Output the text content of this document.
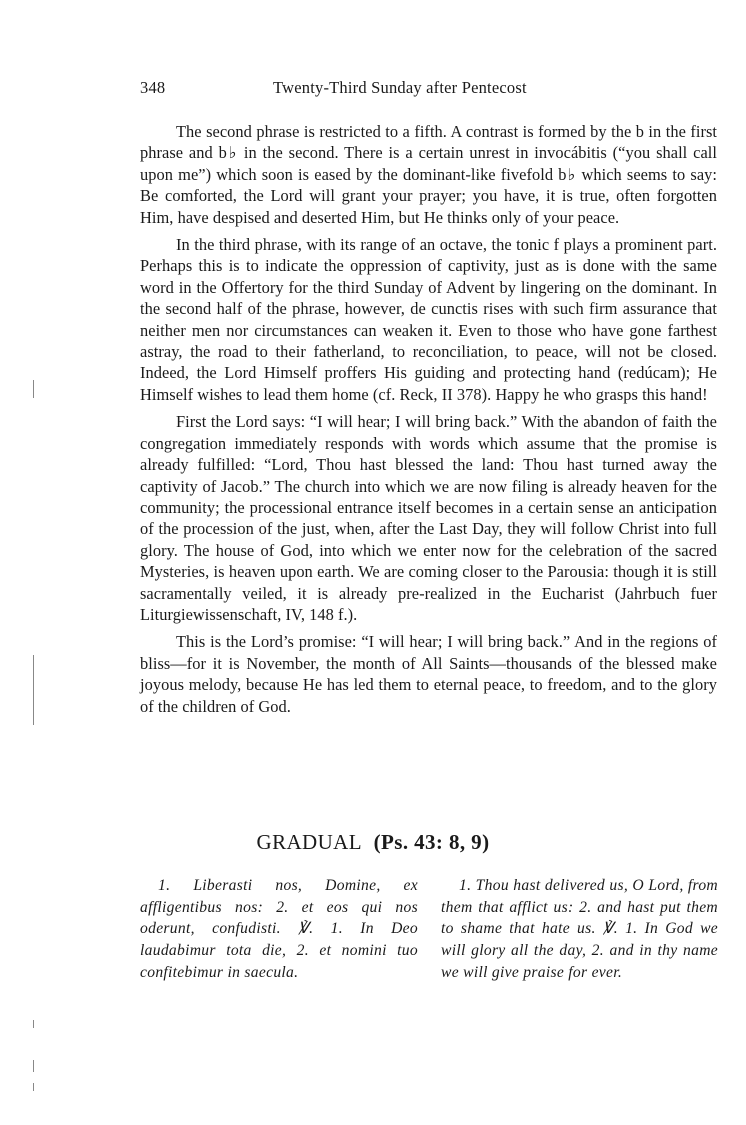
348	Twenty-Third Sunday after Pentecost

The second phrase is restricted to a fifth. A contrast is formed by the b in the first phrase and b♭ in the second. There is a certain unrest in invocábitis (“you shall call upon me”) which soon is eased by the dominant-like fivefold b♭ which seems to say: Be comforted, the Lord will grant your prayer; you have, it is true, often forgotten Him, have despised and deserted Him, but He thinks only of your peace.

In the third phrase, with its range of an octave, the tonic f plays a prominent part. Perhaps this is to indicate the oppression of captivity, just as is done with the same word in the Offertory for the third Sunday of Advent by lingering on the dominant. In the second half of the phrase, however, de cunctis rises with such firm assurance that neither men nor circumstances can weaken it. Even to those who have gone farthest astray, the road to their fatherland, to reconciliation, to peace, will not be closed. Indeed, the Lord Himself proffers His guiding and protecting hand (redúcam); He Himself wishes to lead them home (cf. Reck, II 378). Happy he who grasps this hand!

First the Lord says: “I will hear; I will bring back.” With the abandon of faith the congregation immediately responds with words which assume that the promise is already fulfilled: “Lord, Thou hast blessed the land: Thou hast turned away the captivity of Jacob.” The church into which we are now filing is already heaven for the community; the processional entrance itself becomes in a certain sense an anticipation of the procession of the just, when, after the Last Day, they will follow Christ into full glory. The house of God, into which we enter now for the celebration of the sacred Mysteries, is heaven upon earth. We are coming closer to the Parousia: though it is still sacramentally veiled, it is already pre-realized in the Eucharist (Jahrbuch fuer Liturgiewissenschaft, IV, 148 f.).

This is the Lord’s promise: “I will hear; I will bring back.” And in the regions of bliss—for it is November, the month of All Saints—thousands of the blessed make joyous melody, because He has led them to eternal peace, to freedom, and to the glory of the children of God.

GRADUAL (Ps. 43: 8, 9)

1. Liberasti nos, Domine, ex affligentibus nos: 2. et eos qui nos oderunt, confudisti. ℣. 1. In Deo laudabimur tota die, 2. et nomini tuo confitebimur in saecula.

1. Thou hast delivered us, O Lord, from them that afflict us: 2. and hast put them to shame that hate us. ℣. 1. In God we will glory all the day, 2. and in thy name we will give praise for ever.
